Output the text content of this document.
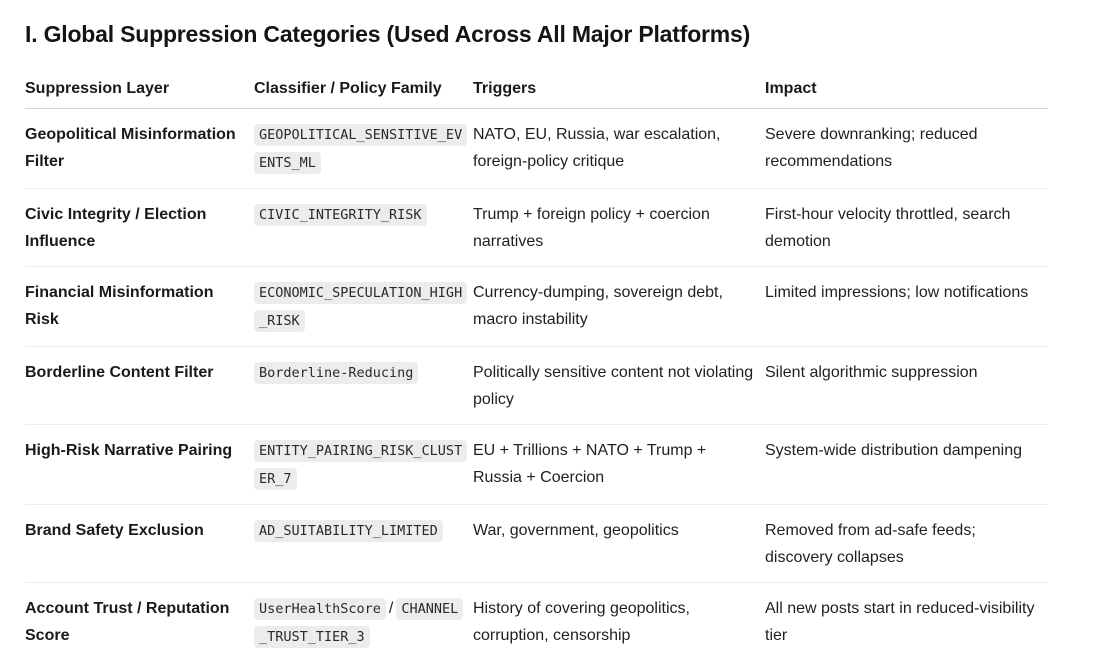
I. Global Suppression Categories (Used Across All Major Platforms)
Suppression Layer	Classifier / Policy Family	Triggers	Impact
Geopolitical Misinformation Filter	GEOPOLITICAL_SENSITIVE_EVENTS_ML	NATO, EU, Russia, war escalation, foreign-policy critique	Severe downranking; reduced recommendations
Civic Integrity / Election Influence	CIVIC_INTEGRITY_RISK	Trump + foreign policy + coercion narratives	First-hour velocity throttled, search demotion
Financial Misinformation Risk	ECONOMIC_SPECULATION_HIGH_RISK	Currency-dumping, sovereign debt, macro instability	Limited impressions; low notifications
Borderline Content Filter	Borderline-Reducing	Politically sensitive content not violating policy	Silent algorithmic suppression
High-Risk Narrative Pairing	ENTITY_PAIRING_RISK_CLUSTER_7	EU + Trillions + NATO + Trump + Russia + Coercion	System-wide distribution dampening
Brand Safety Exclusion	AD_SUITABILITY_LIMITED	War, government, geopolitics	Removed from ad-safe feeds; discovery collapses
Account Trust / Reputation Score	UserHealthScore / CHANNEL_TRUST_TIER_3	History of covering geopolitics, corruption, censorship	All new posts start in reduced-visibility tier
